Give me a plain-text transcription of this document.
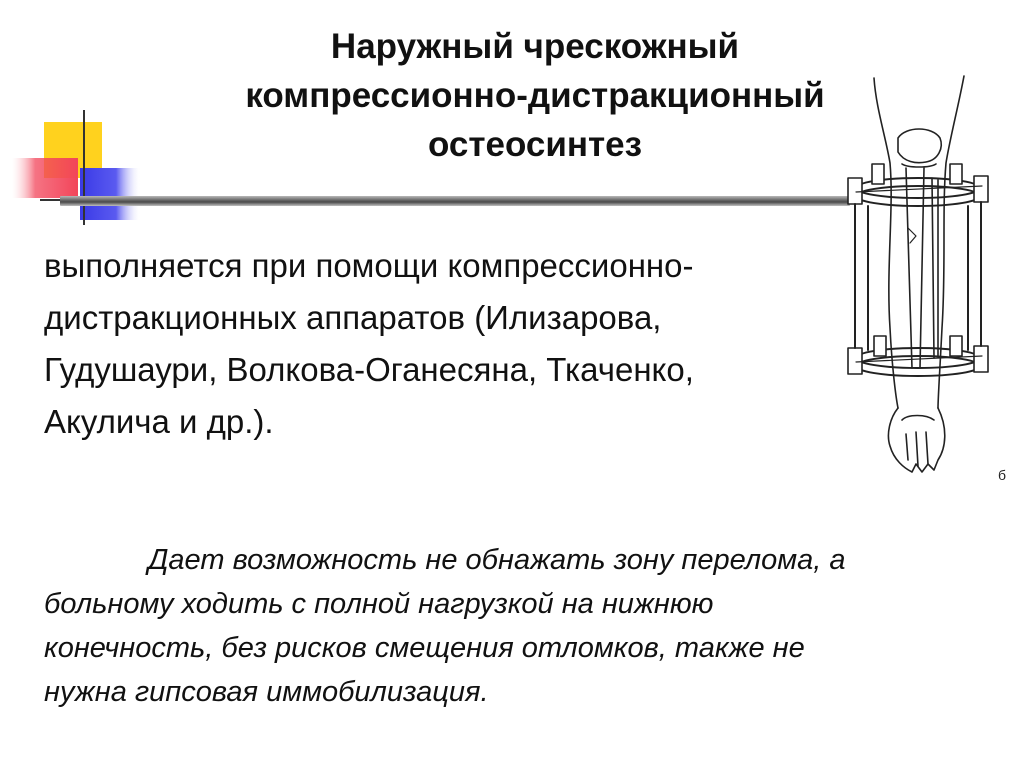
Наружный чрескожный
компрессионно-дистракционный
остеосинтез
выполняется при помощи компрессионно-
дистракционных аппаратов (Илизарова,
Гудушаури, Волкова-Оганесяна, Ткаченко,
Акулича и др.).
Дает возможность не обнажать зону перелома, а
больному ходить с полной нагрузкой на нижнюю
конечность, без рисков смещения отломков, также не
нужна гипсовая иммобилизация.
б
